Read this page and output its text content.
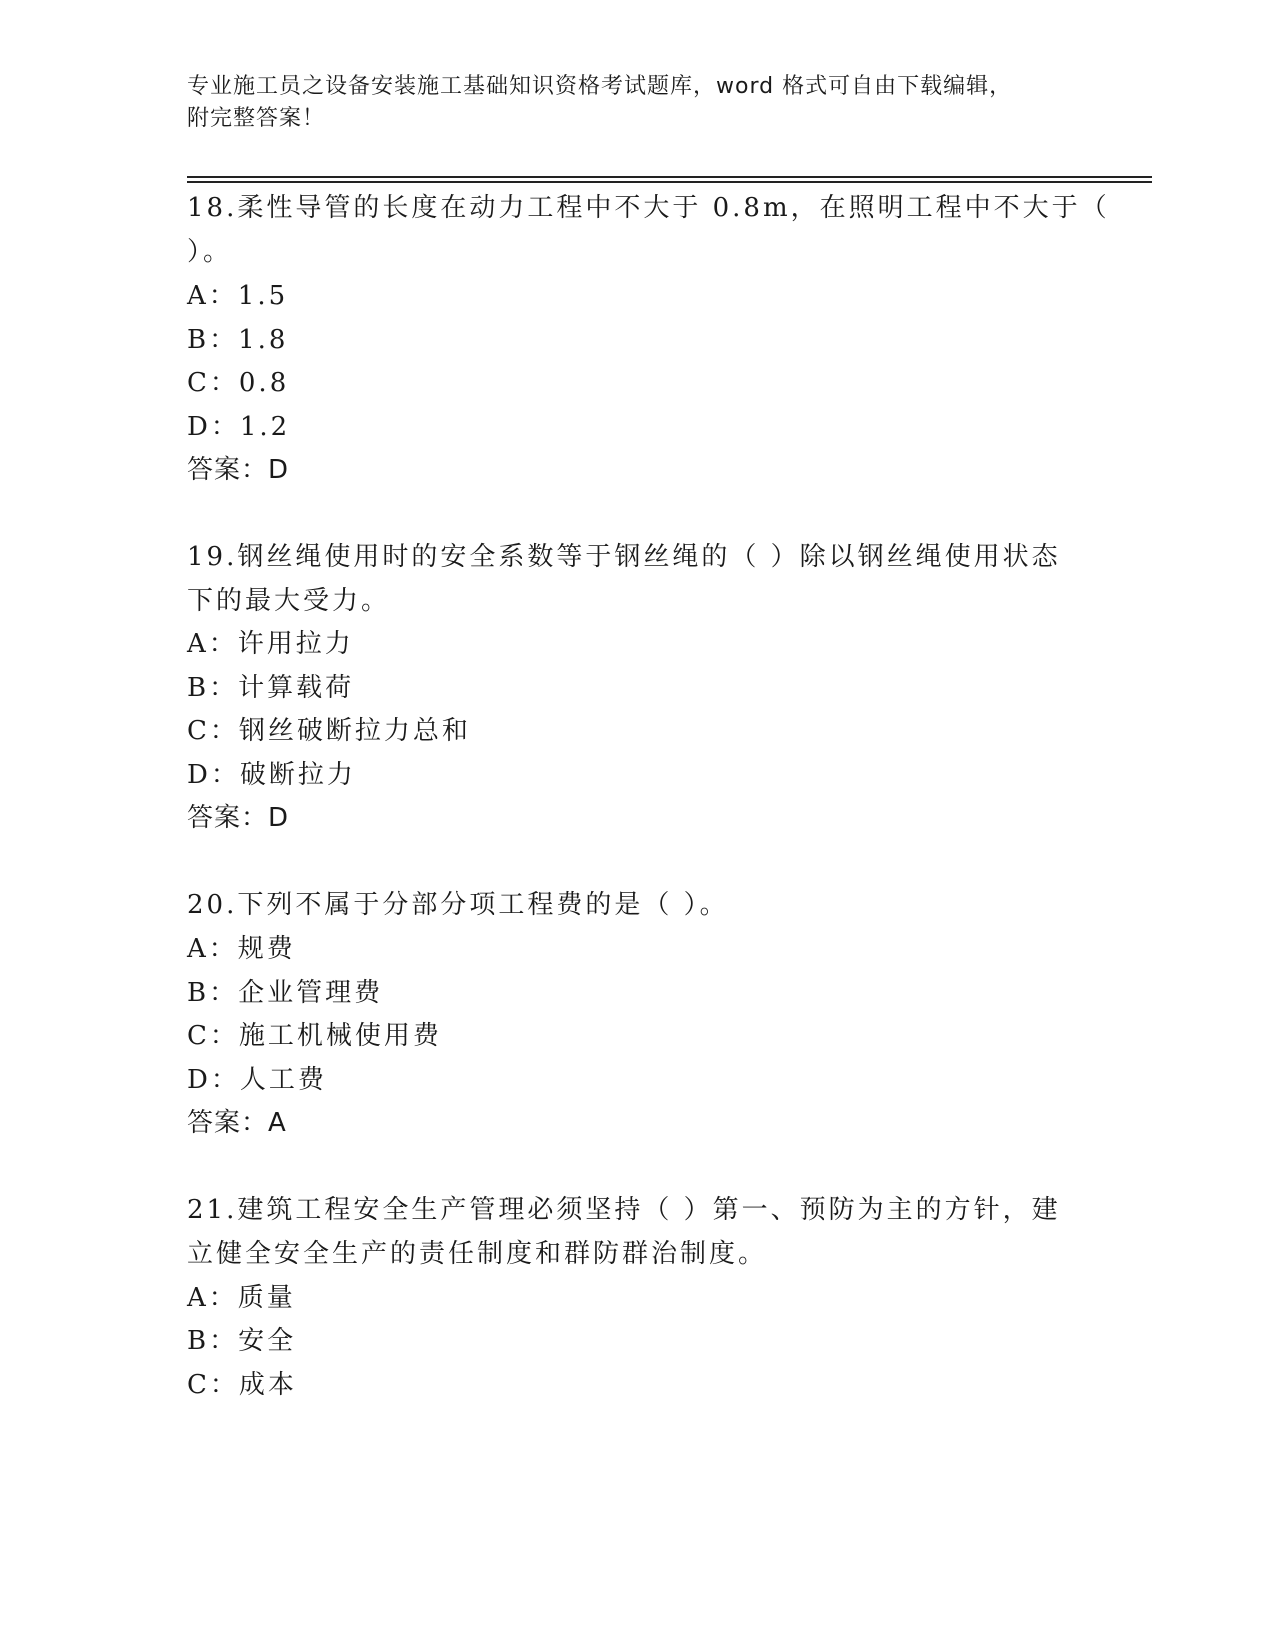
专业施工员之设备安装施工基础知识资格考试题库，word 格式可自由下载编辑，
附完整答案！
18.柔性导管的长度在动力工程中不大于 0.8m，在照明工程中不大于（
）。
A：1.5
B：1.8
C：0.8
D：1.2
答案：D
19.钢丝绳使用时的安全系数等于钢丝绳的（ ）除以钢丝绳使用状态
下的最大受力。
A：许用拉力
B：计算载荷
C：钢丝破断拉力总和
D：破断拉力
答案：D
20.下列不属于分部分项工程费的是（ ）。
A：规费
B：企业管理费
C：施工机械使用费
D：人工费
答案：A
21.建筑工程安全生产管理必须坚持（ ）第一、预防为主的方针，建
立健全安全生产的责任制度和群防群治制度。
A：质量
B：安全
C：成本
